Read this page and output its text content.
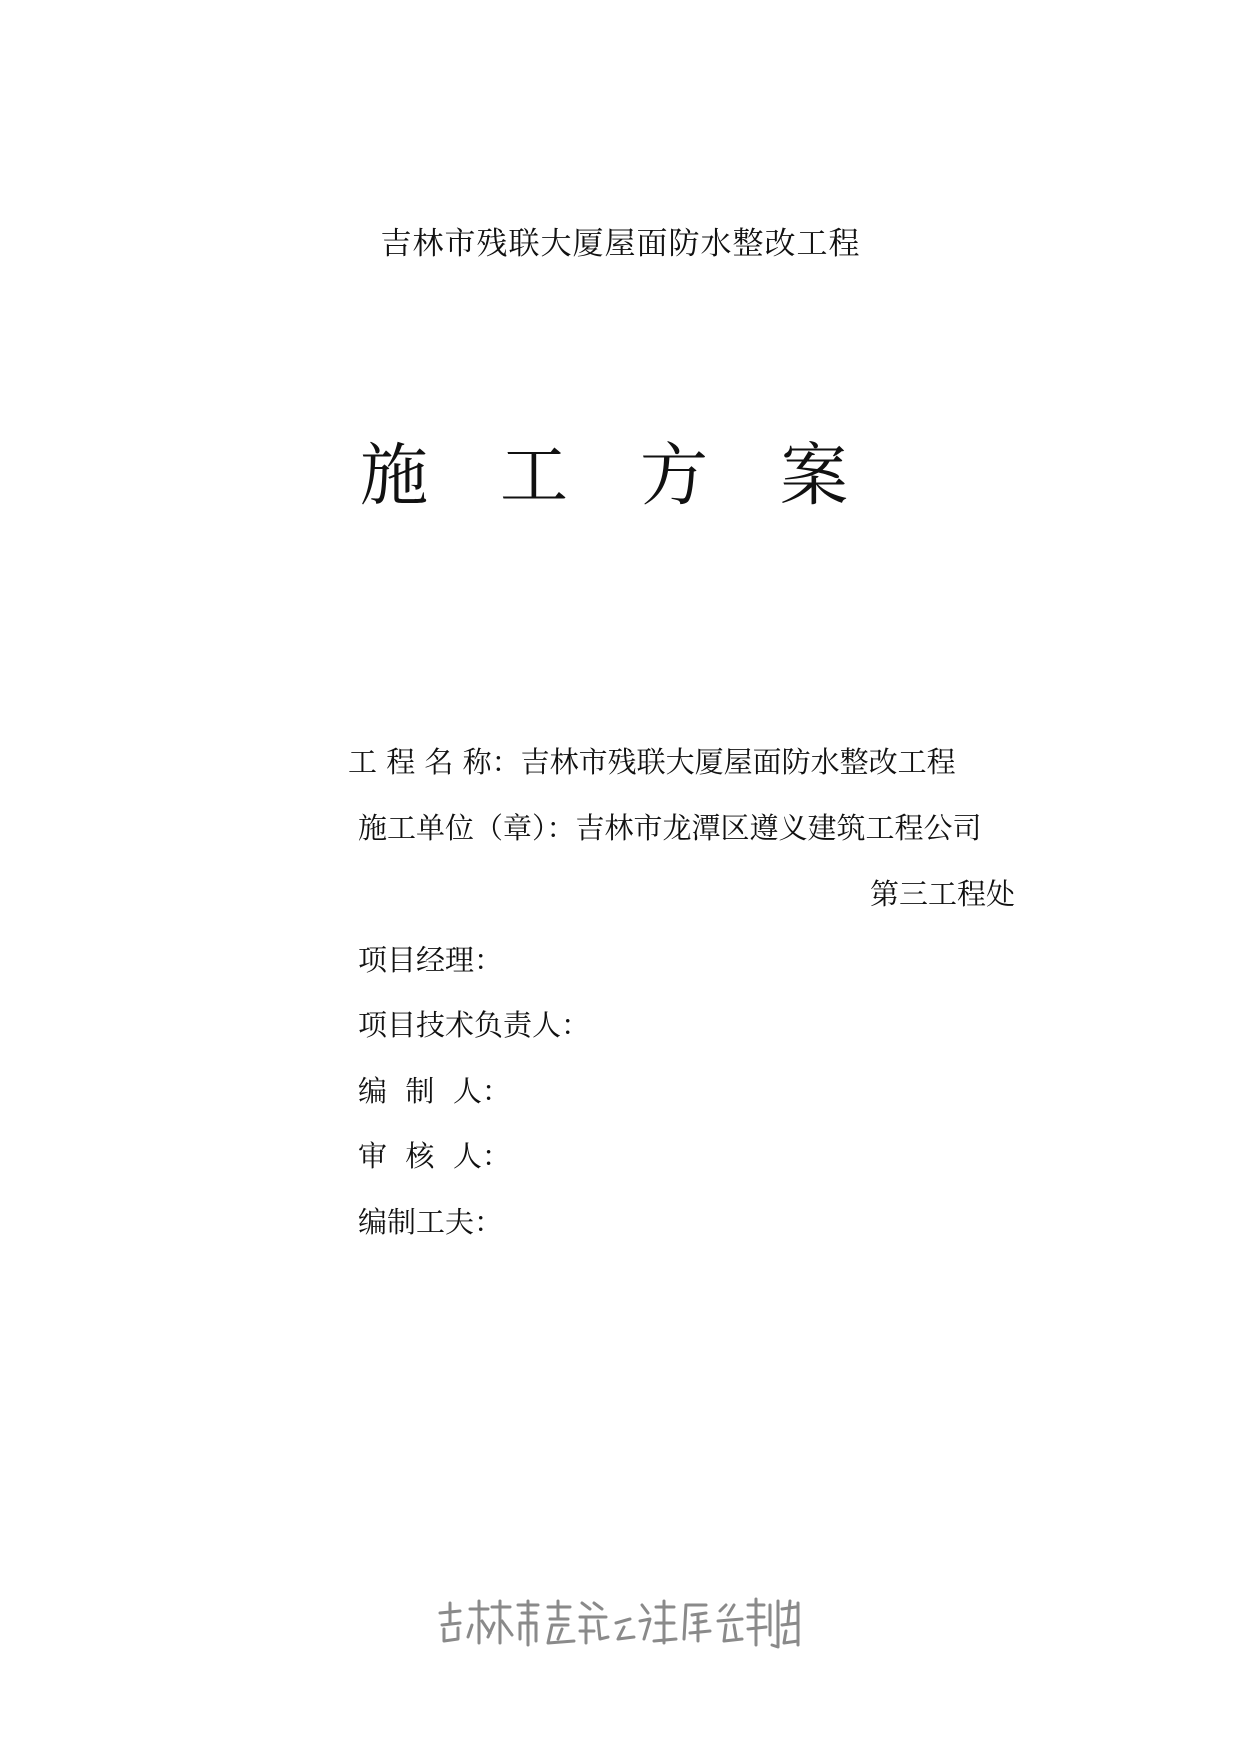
吉林市残联大厦屋面防水整改工程
施 工 方 案
工 程 名 称：吉林市残联大厦屋面防水整改工程
施工单位（章）：吉林市龙潭区遵义建筑工程公司
第三工程处
项目经理：
项目技术负责人：
编  制  人：
审  核  人：
编制工夫：
